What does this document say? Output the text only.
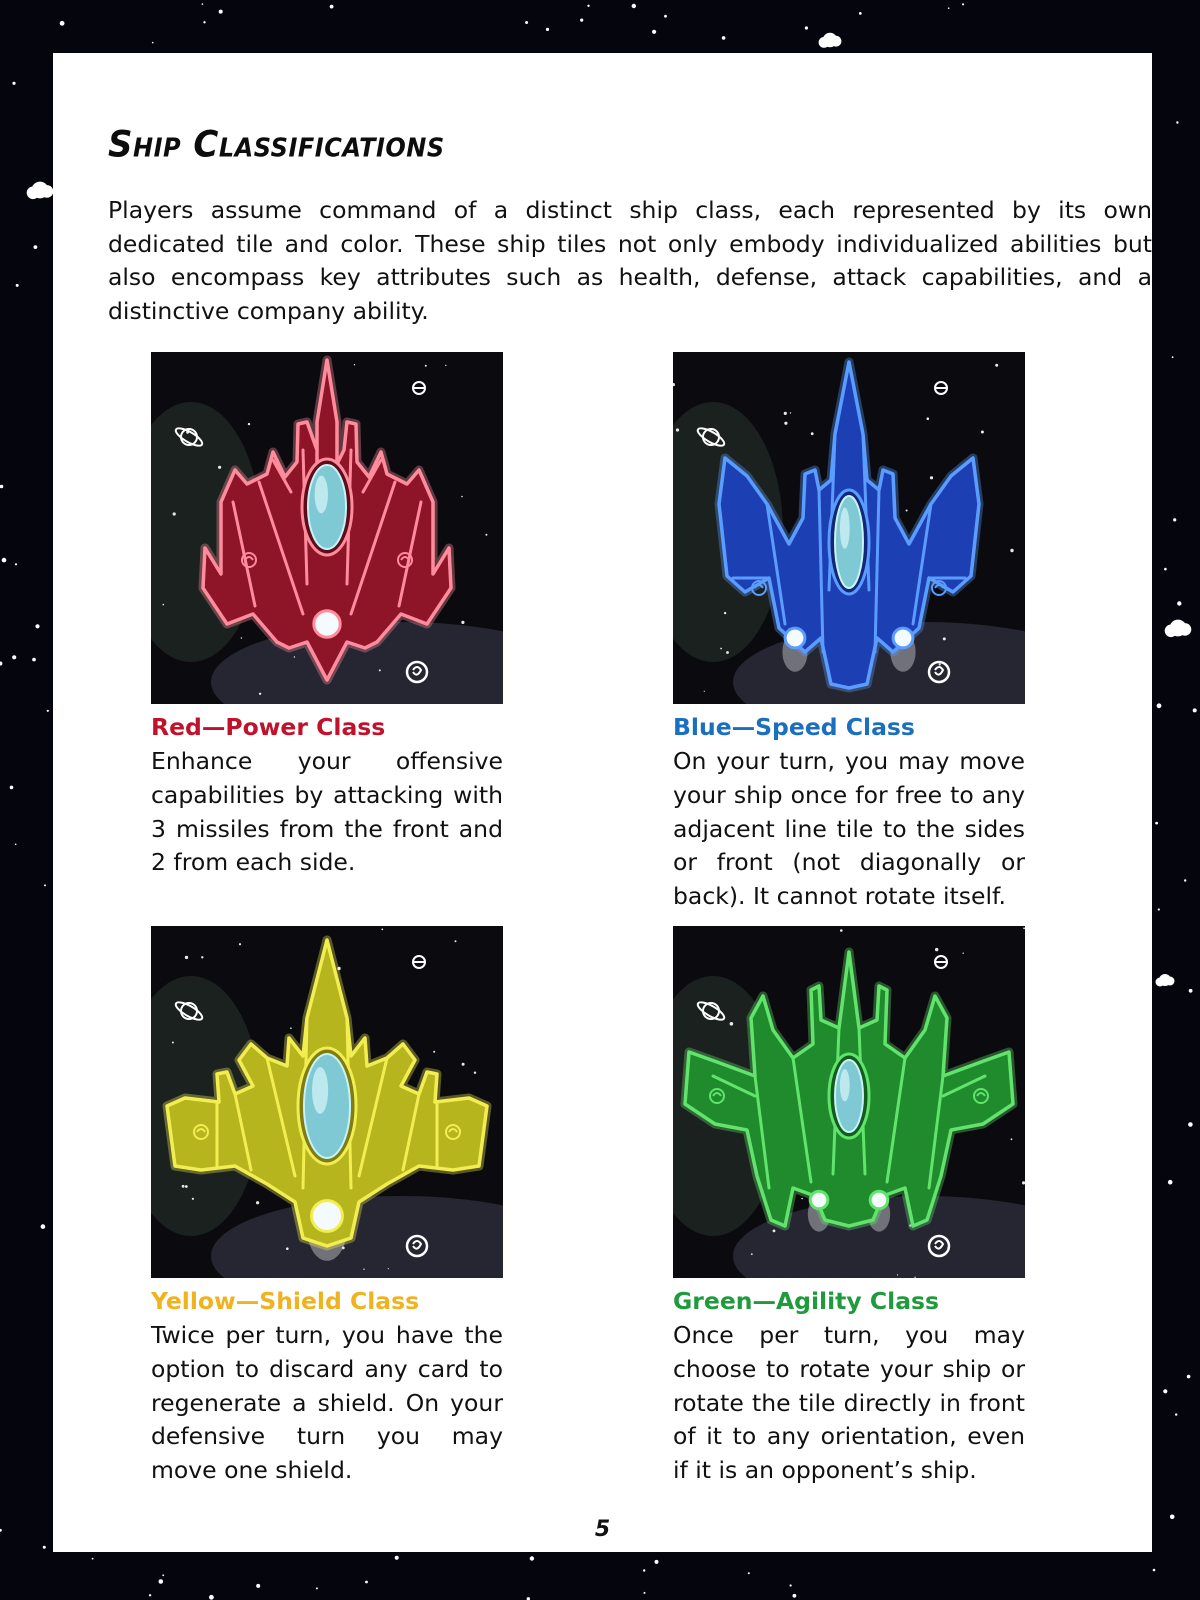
Ship Classifications

Players assume command of a distinct ship class, each represented by its own dedicated tile and color. These ship tiles not only embody individualized abilities but also encompass key attributes such as health, defense, attack capabilities, and a distinctive company ability.

Red—Power Class

Enhance your offensive capabilities by attacking with 3 missiles from the front and 2 from each side.

Blue—Speed Class

On your turn, you may move your ship once for free to any adjacent line tile to the sides or front (not diagonally or back). It cannot rotate itself.

Yellow—Shield Class

Twice per turn, you have the option to discard any card to regenerate a shield. On your defensive turn you may move one shield.

Green—Agility Class

Once per turn, you may choose to rotate your ship or rotate the tile directly in front of it to any orientation, even if it is an opponent’s ship.

5
